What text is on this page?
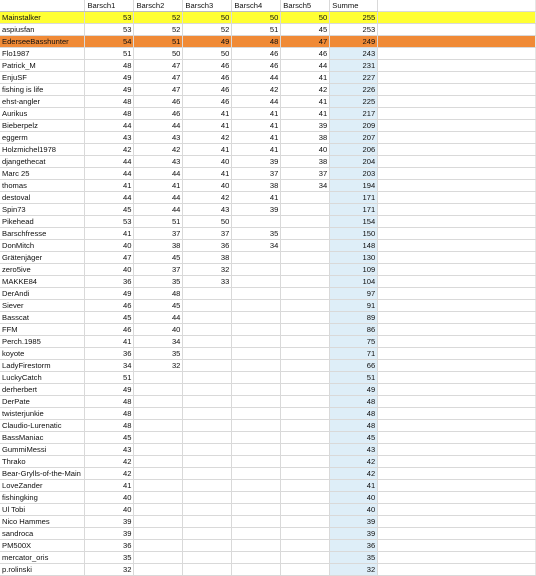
	Barsch1	Barsch2	Barsch3	Barsch4	Barsch5	Summe	
Mainstalker	53	52	50	50	50	255	
aspiusfan	53	52	52	51	45	253	
EderseeBasshunter	54	51	49	48	47	249	
Flo1987	51	50	50	46	46	243	
Patrick_M	48	47	46	46	44	231	
EnjuSF	49	47	46	44	41	227	
fishing is life	49	47	46	42	42	226	
ehst-angler	48	46	46	44	41	225	
Aurikus	48	46	41	41	41	217	
Bieberpelz	44	44	41	41	39	209	
eggerm	43	43	42	41	38	207	
Holzmichel1978	42	42	41	41	40	206	
djangethecat	44	43	40	39	38	204	
Marc 25	44	44	41	37	37	203	
thomas	41	41	40	38	34	194	
destoval	44	44	42	41		171	
Spin73	45	44	43	39		171	
Pikehead	53	51	50			154	
Barschfresse	41	37	37	35		150	
DonMitch	40	38	36	34		148	
Grätenjäger	47	45	38			130	
zero5ive	40	37	32			109	
MAKKE84	36	35	33			104	
DerAndi	49	48				97	
Siever	46	45				91	
Basscat	45	44				89	
FFM	46	40				86	
Perch.1985	41	34				75	
koyote	36	35				71	
LadyFirestorm	34	32				66	
LuckyCatch	51					51	
derherbert	49					49	
DerPate	48					48	
twisterjunkie	48					48	
Claudio-Lurenatic	48					48	
BassManiac	45					45	
GummiMessi	43					43	
Thrako	42					42	
Bear-Grylls-of-the-Main	42					42	
LoveZander	41					41	
fishingking	40					40	
Ul Tobi	40					40	
Nico Hammes	39					39	
sandroca	39					39	
PM500X	36					36	
mercator_oris	35					35	
p.rolinski	32					32	
